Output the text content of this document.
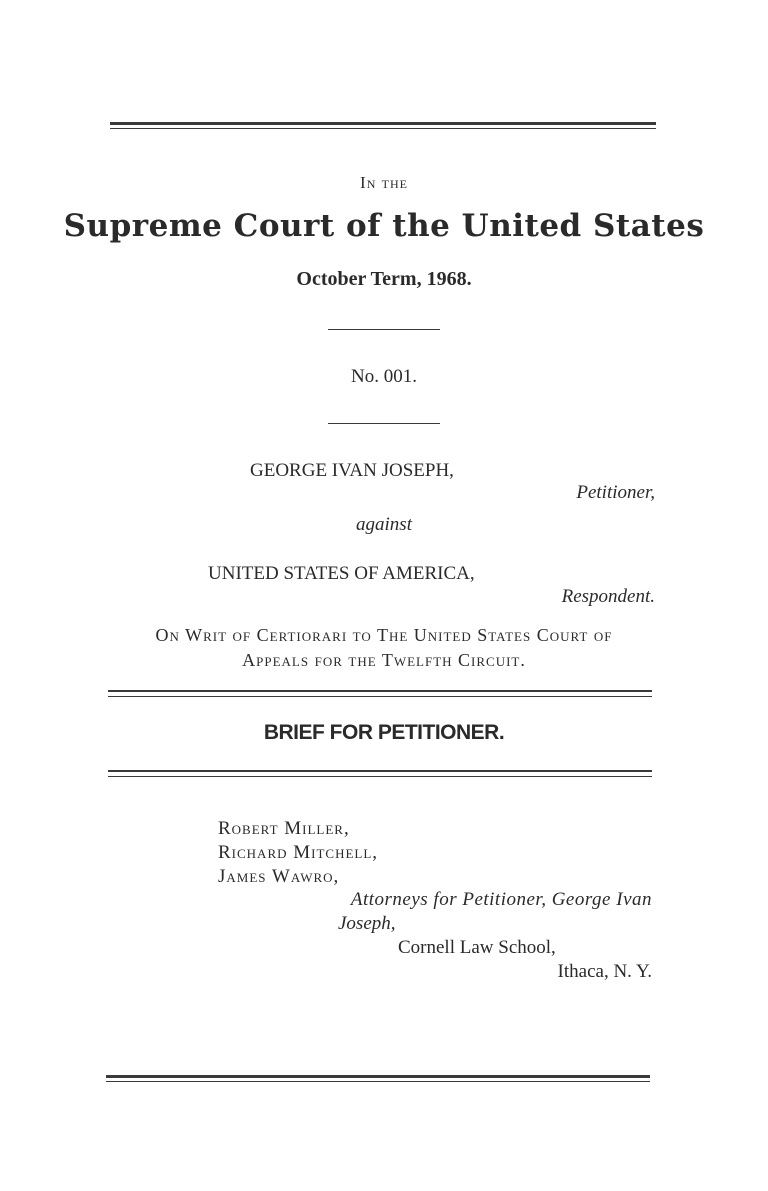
In the
Supreme Court of the United States
October Term, 1968.
No. 001.
GEORGE IVAN JOSEPH,
Petitioner,
against
UNITED STATES OF AMERICA,
Respondent.
On Writ of Certiorari to The United States Court of
Appeals for the Twelfth Circuit.
BRIEF FOR PETITIONER.
Robert Miller,
Richard Mitchell,
James Wawro,
Attorneys for Petitioner, George Ivan
Joseph,
Cornell Law School,
Ithaca, N. Y.
